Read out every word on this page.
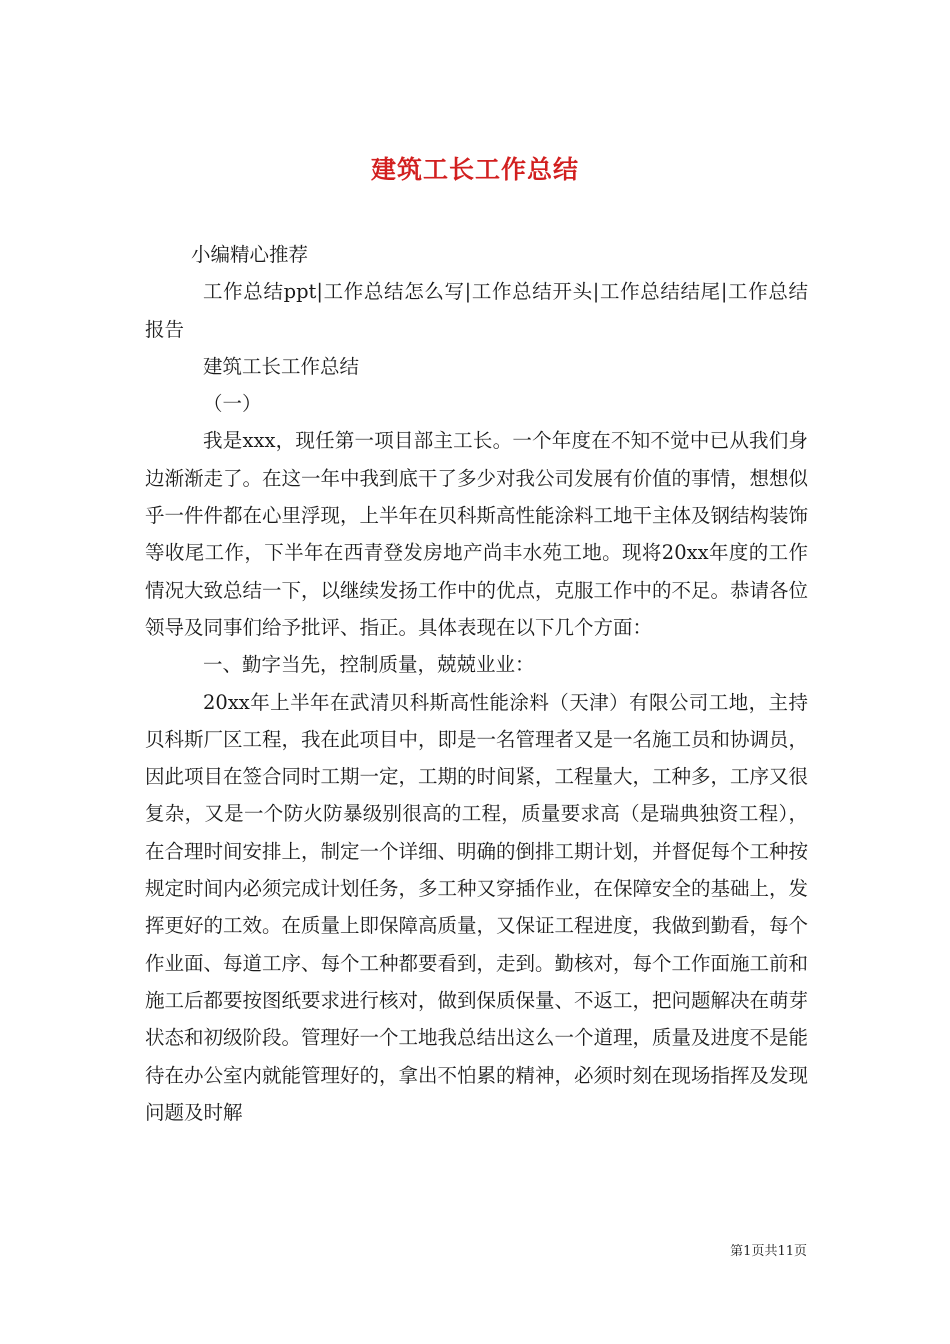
建筑工长工作总结

小编精心推荐

工作总结ppt|工作总结怎么写|工作总结开头|工作总结结尾|工作总结报告

建筑工长工作总结

（一）

我是xxx，现任第一项目部主工长。一个年度在不知不觉中已从我们身边渐渐走了。在这一年中我到底干了多少对我公司发展有价值的事情，想想似乎一件件都在心里浮现，上半年在贝科斯高性能涂料工地干主体及钢结构装饰等收尾工作，下半年在西青登发房地产尚丰水苑工地。现将20xx年度的工作情况大致总结一下，以继续发扬工作中的优点，克服工作中的不足。恭请各位领导及同事们给予批评、指正。具体表现在以下几个方面：

一、勤字当先，控制质量，兢兢业业：

20xx年上半年在武清贝科斯高性能涂料（天津）有限公司工地，主持贝科斯厂区工程，我在此项目中，即是一名管理者又是一名施工员和协调员，因此项目在签合同时工期一定，工期的时间紧，工程量大，工种多，工序又很复杂，又是一个防火防暴级别很高的工程，质量要求高（是瑞典独资工程），在合理时间安排上，制定一个详细、明确的倒排工期计划，并督促每个工种按规定时间内必须完成计划任务，多工种又穿插作业，在保障安全的基础上，发挥更好的工效。在质量上即保障高质量，又保证工程进度，我做到勤看，每个作业面、每道工序、每个工种都要看到，走到。勤核对，每个工作面施工前和施工后都要按图纸要求进行核对，做到保质保量、不返工，把问题解决在萌芽状态和初级阶段。管理好一个工地我总结出这么一个道理，质量及进度不是能待在办公室内就能管理好的，拿出不怕累的精神，必须时刻在现场指挥及发现问题及时解

第1页共11页
